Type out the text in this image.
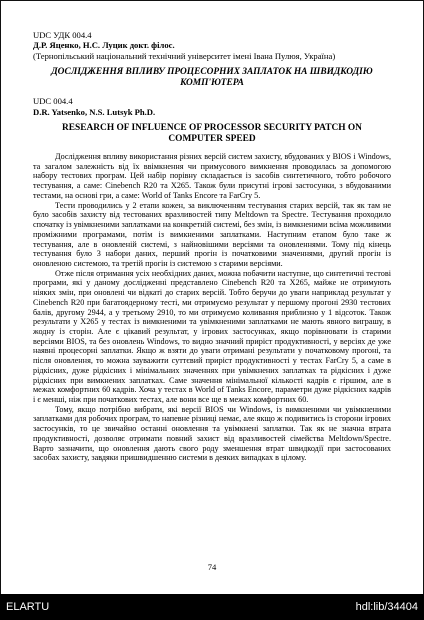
UDC УДК 004.4

Д.Р. Яценко, Н.С. Луцик докт. філос.

(Тернопільський національний технічний університет імені Івана Пулюя, Україна)

ДОСЛІДЖЕННЯ ВПЛИВУ ПРОЦЕСОРНИХ ЗАПЛАТОК НА ШВИДКОДІЮ КОМП'ЮТЕРА

UDC 004.4

D.R. Yatsenko, N.S. Lutsyk Ph.D.

RESEARCH OF INFLUENCE OF PROCESSOR SECURITY PATCH ON COMPUTER SPEED

Дослідження впливу використання різних версій систем захисту, вбудованих у BIOS і Windows, та загалом залежність від їх ввімкнення чи примусового вимкнення проводилась за допомогою набору тестових програм. Цей набір порівну складається із засобів синтетичного, тобто робочого тестування, а саме: Cinebench R20 та X265. Також були присутні ігрові застосунки, з вбудованими тестами, на основі гри, а саме: World of Tanks Encore та FarCry 5.

Тести проводились у 2 етапи кожен, за виключенням тестування старих версій, так як там не було засобів захисту від тестованих вразливостей типу Meltdown та Spectre. Тестування проходило спочатку із увімкненими заплатками на конкретній системі, без змін, із вимкненими всіма можливими проміжними програмами, потім із вимкненими заплатками. Наступним етапом було таке ж тестування, але в оновленій системі, з найновішими версіями та оновленнями. Тому під кінець тестування було 3 набори даних, перший прогін із початковими значеннями, другий прогін із оновленою системою, та третій прогін із системою з старими версіями.

Отже після отримання усіх необхідних даних, можна побачити наступне, що синтетичні тестові програми, які у даному дослідженні представлено Cinebench R20 та X265, майже не отримують ніяких змін, при оновлені чи відкаті до старих версій. Тобто беручи до уваги наприклад результат у Cinebench R20 при багатоядерному тесті, ми отримуємо результат у першому прогоні 2930 тестових балів, другому 2944, а у третьому 2910, то ми отримуємо коливання приблизно у 1 відсоток. Також результати у X265 у тестах із вимкненими та увімкненими заплатками не мають явного виграшу, в жодну із сторін. Але є цікавий результат, у ігрових застосунках, якщо порівнювати із старими версіями BIOS, та без оновлень Windows, то видно значний приріст продуктивності, у версіях де уже наявні процесорні заплатки. Якщо ж взяти до уваги отримані результати у початковому прогоні, та після оновлення, то можна зауважити суттєвий приріст продуктивності у тестах FarCry 5, а саме в рідкісних, дуже рідкісних і мінімальних значеннях при увімкнених заплатках та рідкісних і дуже рідкісних при вимкнених заплатках. Саме значення мінімальної кількості кадрів є гіршим, але в межах комфортних 60 кадрів. Хоча у тестах в World of Tanks Encore, параметри дуже рідкісних кадрів і є менші, ніж при початкових тестах, але вони все ще в межах комфортних 60.

Тому, якщо потрібно вибрати, які версії BIOS чи Windows, із вимкненими чи увімкненими заплатками для робочих програм, то напевне різниці немає, але якщо ж подивитись із сторони ігрових застосунків, то це звичайно останні оновлення та увімкнені заплатки. Так як не значна втрата продуктивності, дозволяє отримати повний захист від вразливостей сімейства Meltdown/Spectre. Варто зазначити, що оновлення дають свого роду зменшення втрат швидкодії при застосованих засобах захисту, завдяки пришвидшенню системи в деяких випадках в цілому.

74
ELARTU	hdl:lib/34404
